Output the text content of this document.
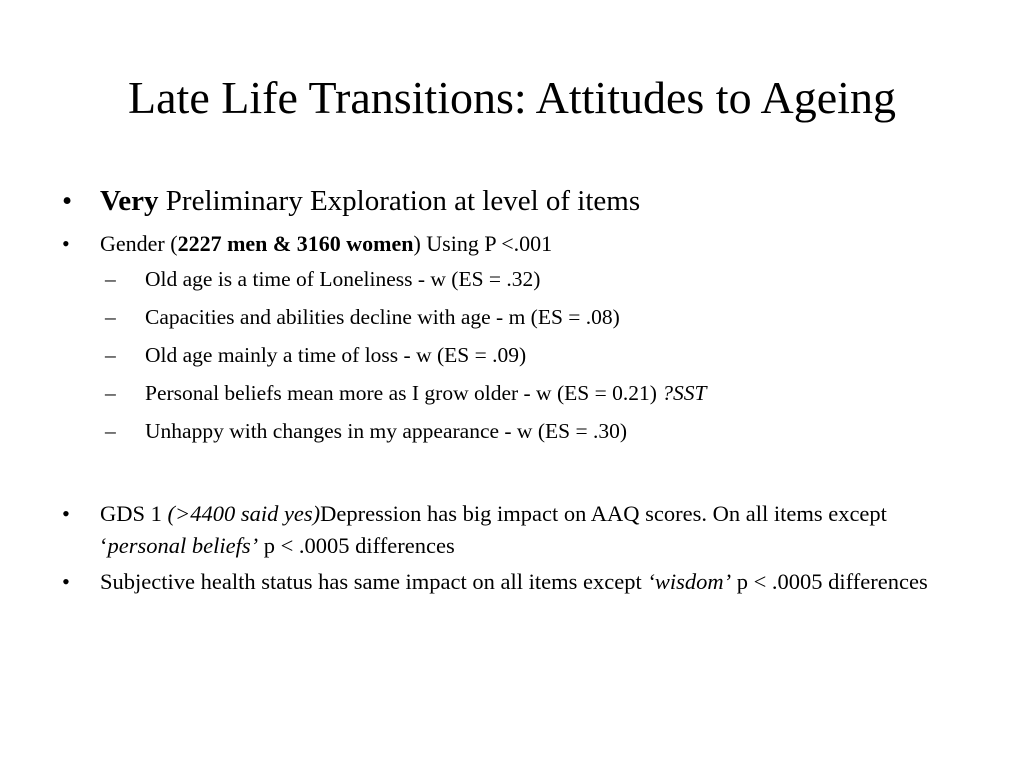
Late Life Transitions: Attitudes to Ageing
• Very Preliminary Exploration at level of items
• Gender (2227 men & 3160 women) Using P <.001
– Old age is a time of Loneliness - w (ES = .32)
– Capacities and abilities decline with age - m (ES = .08)
– Old age mainly a time of loss - w (ES = .09)
– Personal beliefs mean more as I grow older - w (ES = 0.21) ?SST
– Unhappy with changes in my appearance - w (ES = .30)
• GDS 1 (>4400 said yes)Depression has big impact on AAQ scores. On all items except ‘personal beliefs’ p < .0005 differences
• Subjective health status has same impact on all items except ‘wisdom’ p < .0005 differences
